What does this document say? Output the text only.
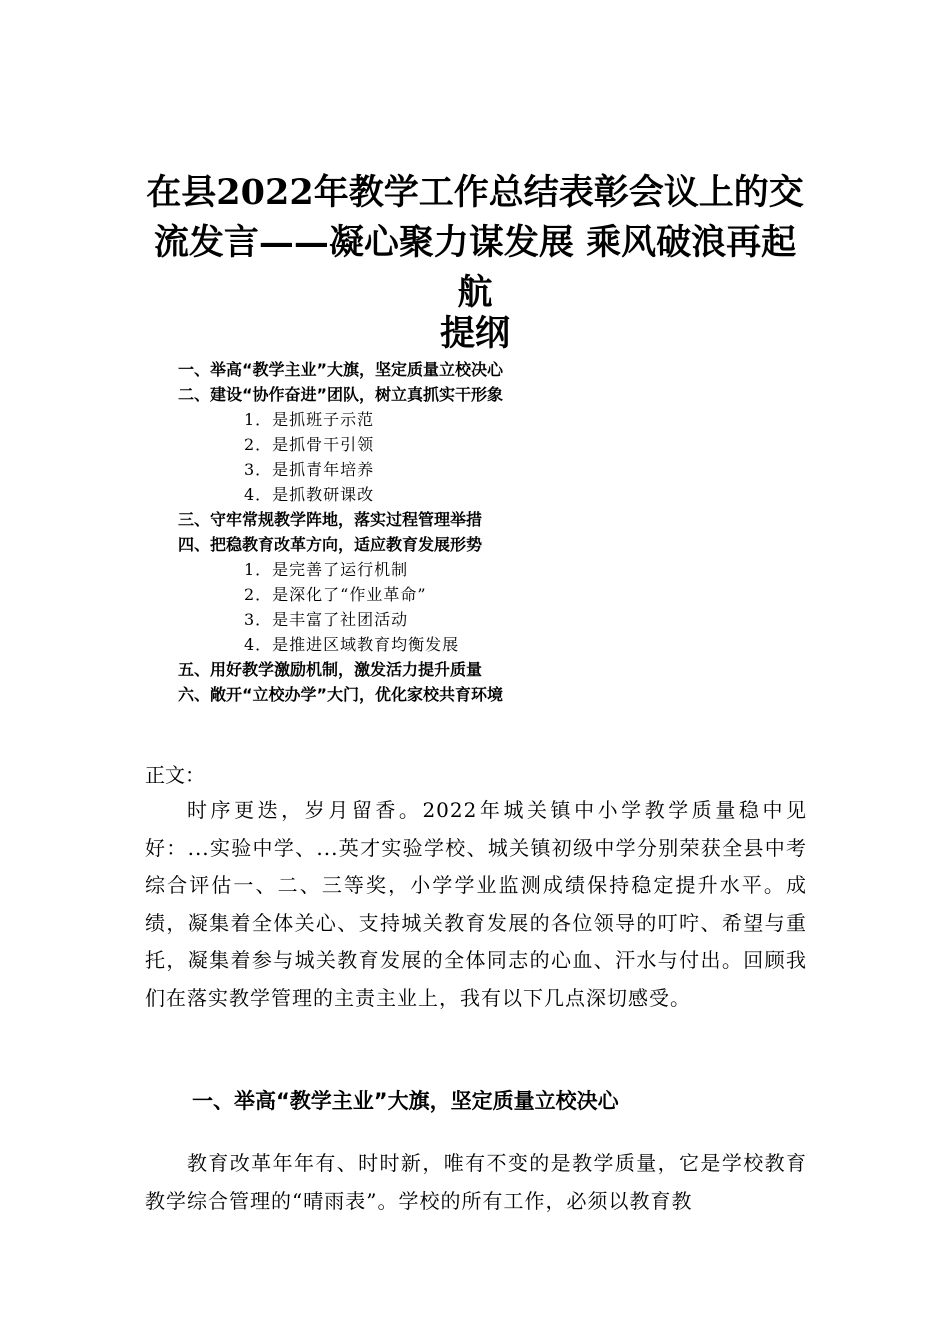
在县2022年教学工作总结表彰会议上的交
流发言——凝心聚力谋发展 乘风破浪再起
航
提纲
一、举高“教学主业”大旗，坚定质量立校决心
二、建设“协作奋进”团队，树立真抓实干形象
1．是抓班子示范
2．是抓骨干引领
3．是抓青年培养
4．是抓教研课改
三、守牢常规教学阵地，落实过程管理举措
四、把稳教育改革方向，适应教育发展形势
1．是完善了运行机制
2．是深化了“作业革命”
3．是丰富了社团活动
4．是推进区域教育均衡发展
五、用好教学激励机制，激发活力提升质量
六、敞开“立校办学”大门，优化家校共育环境

正文：

时序更迭，岁月留香。2022年城关镇中小学教学质量稳中见好：...实验中学、...英才实验学校、城关镇初级中学分别荣获全县中考综合评估一、二、三等奖，小学学业监测成绩保持稳定提升水平。成绩，凝集着全体关心、支持城关教育发展的各位领导的叮咛、希望与重托，凝集着参与城关教育发展的全体同志的心血、汗水与付出。回顾我们在落实教学管理的主责主业上，我有以下几点深切感受。

一、举高“教学主业”大旗，坚定质量立校决心

教育改革年年有、时时新，唯有不变的是教学质量，它是学校教育教学综合管理的“晴雨表”。学校的所有工作，必须以教育教
